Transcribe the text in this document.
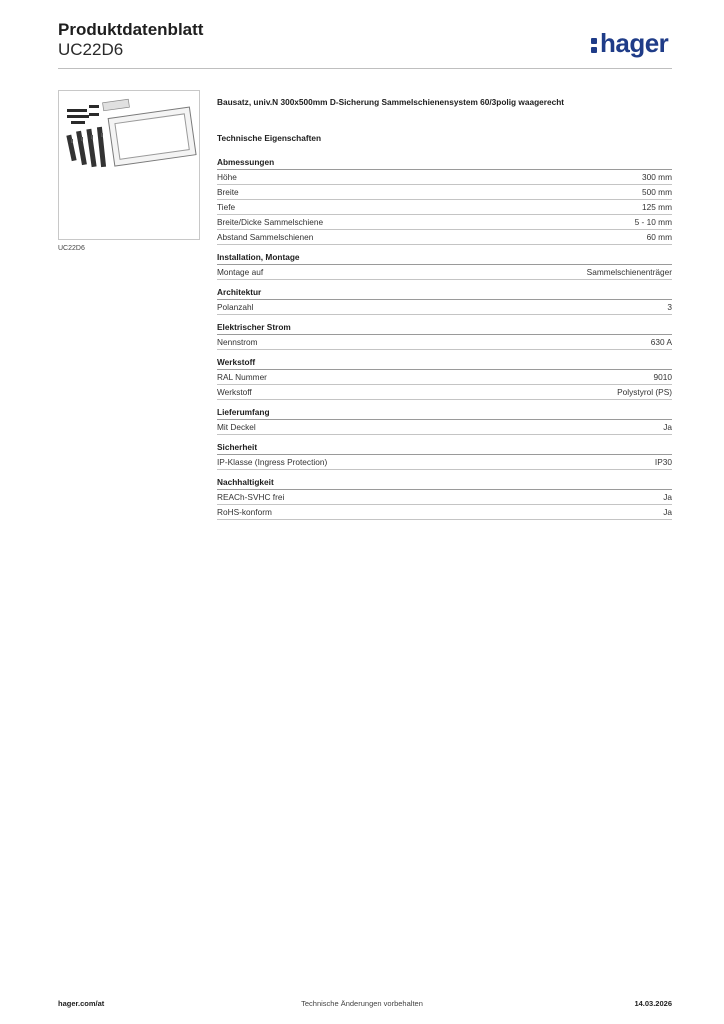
Produktdatenblatt
UC22D6	hager
UC22D6
Bausatz, univ.N 300x500mm D-Sicherung Sammelschienensystem 60/3polig waagerecht
Technische Eigenschaften
Abmessungen
Höhe	300 mm
Breite	500 mm
Tiefe	125 mm
Breite/Dicke Sammelschiene	5 - 10 mm
Abstand Sammelschienen	60 mm
Installation, Montage
Montage auf	Sammelschienenträger
Architektur
Polanzahl	3
Elektrischer Strom
Nennstrom	630 A
Werkstoff
RAL Nummer	9010
Werkstoff	Polystyrol (PS)
Lieferumfang
Mit Deckel	Ja
Sicherheit
IP-Klasse (Ingress Protection)	IP30
Nachhaltigkeit
REACh-SVHC frei	Ja
RoHS-konform	Ja
hager.com/at	Technische Änderungen vorbehalten	14.03.2026
